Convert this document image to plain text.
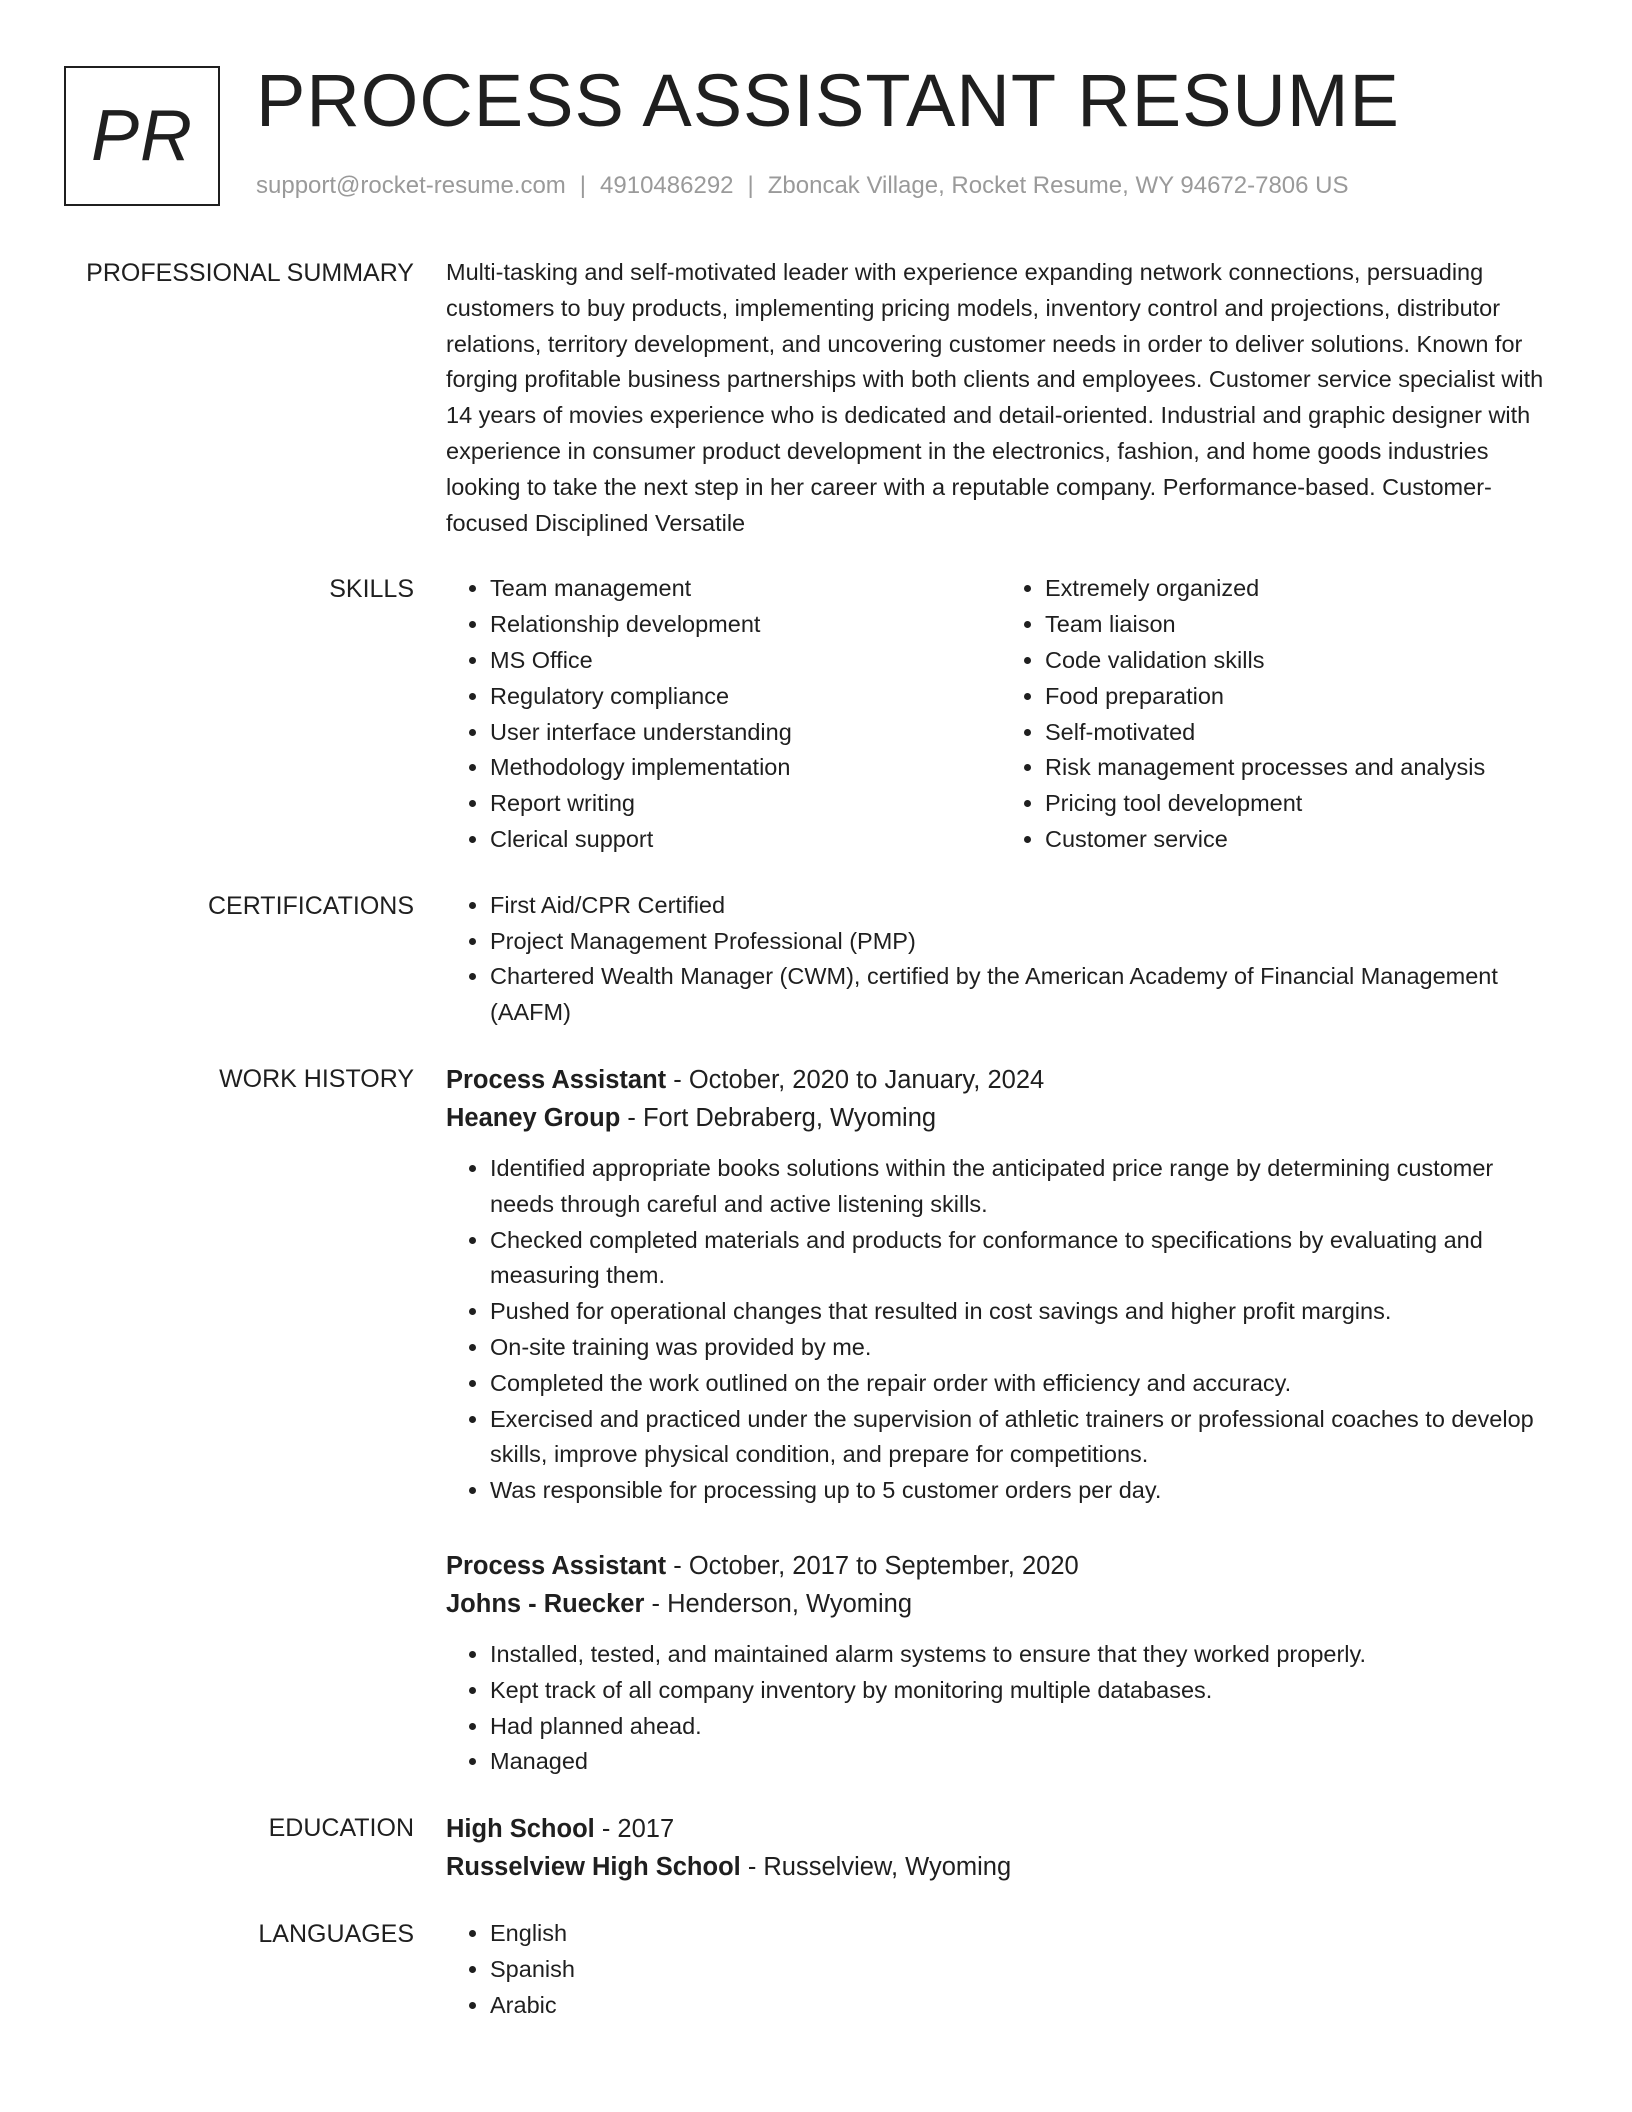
PR PROCESS ASSISTANT RESUME
support@rocket-resume.com | 4910486292 | Zboncak Village, Rocket Resume, WY 94672-7806 US
PROFESSIONAL SUMMARY Multi-tasking and self-motivated leader with experience expanding network connections, persuading customers to buy products, implementing pricing models, inventory control and projections, distributor relations, territory development, and uncovering customer needs in order to deliver solutions. Known for forging profitable business partnerships with both clients and employees. Customer service specialist with 14 years of movies experience who is dedicated and detail-oriented. Industrial and graphic designer with experience in consumer product development in the electronics, fashion, and home goods industries looking to take the next step in her career with a reputable company. Performance-based. Customer-focused Disciplined Versatile

SKILLS	• Team management
• Relationship development
• MS Office
• Regulatory compliance
• User interface understanding
• Methodology implementation
• Report writing
• Clerical support
• Extremely organized
• Team liaison
• Code validation skills
• Food preparation
• Self-motivated
• Risk management processes and analysis
• Pricing tool development
• Customer service
CERTIFICATIONS	• First Aid/CPR Certified
• Project Management Professional (PMP)
• Chartered Wealth Manager (CWM), certified by the American Academy of Financial Management (AAFM)
WORK HISTORY Process Assistant - October, 2020 to January, 2024
Heaney Group - Fort Debraberg, Wyoming
• Identified appropriate books solutions within the anticipated price range by determining customer needs through careful and active listening skills.
• Checked completed materials and products for conformance to specifications by evaluating and measuring them.
• Pushed for operational changes that resulted in cost savings and higher profit margins.
• On-site training was provided by me.
• Completed the work outlined on the repair order with efficiency and accuracy.
• Exercised and practiced under the supervision of athletic trainers or professional coaches to develop skills, improve physical condition, and prepare for competitions.
• Was responsible for processing up to 5 customer orders per day.
Process Assistant - October, 2017 to September, 2020
Johns - Ruecker - Henderson, Wyoming
• Installed, tested, and maintained alarm systems to ensure that they worked properly.
• Kept track of all company inventory by monitoring multiple databases.
• Had planned ahead.
• Managed
EDUCATION High School - 2017
Russelview High School - Russelview, Wyoming
LANGUAGES	• English
• Spanish
• Arabic
